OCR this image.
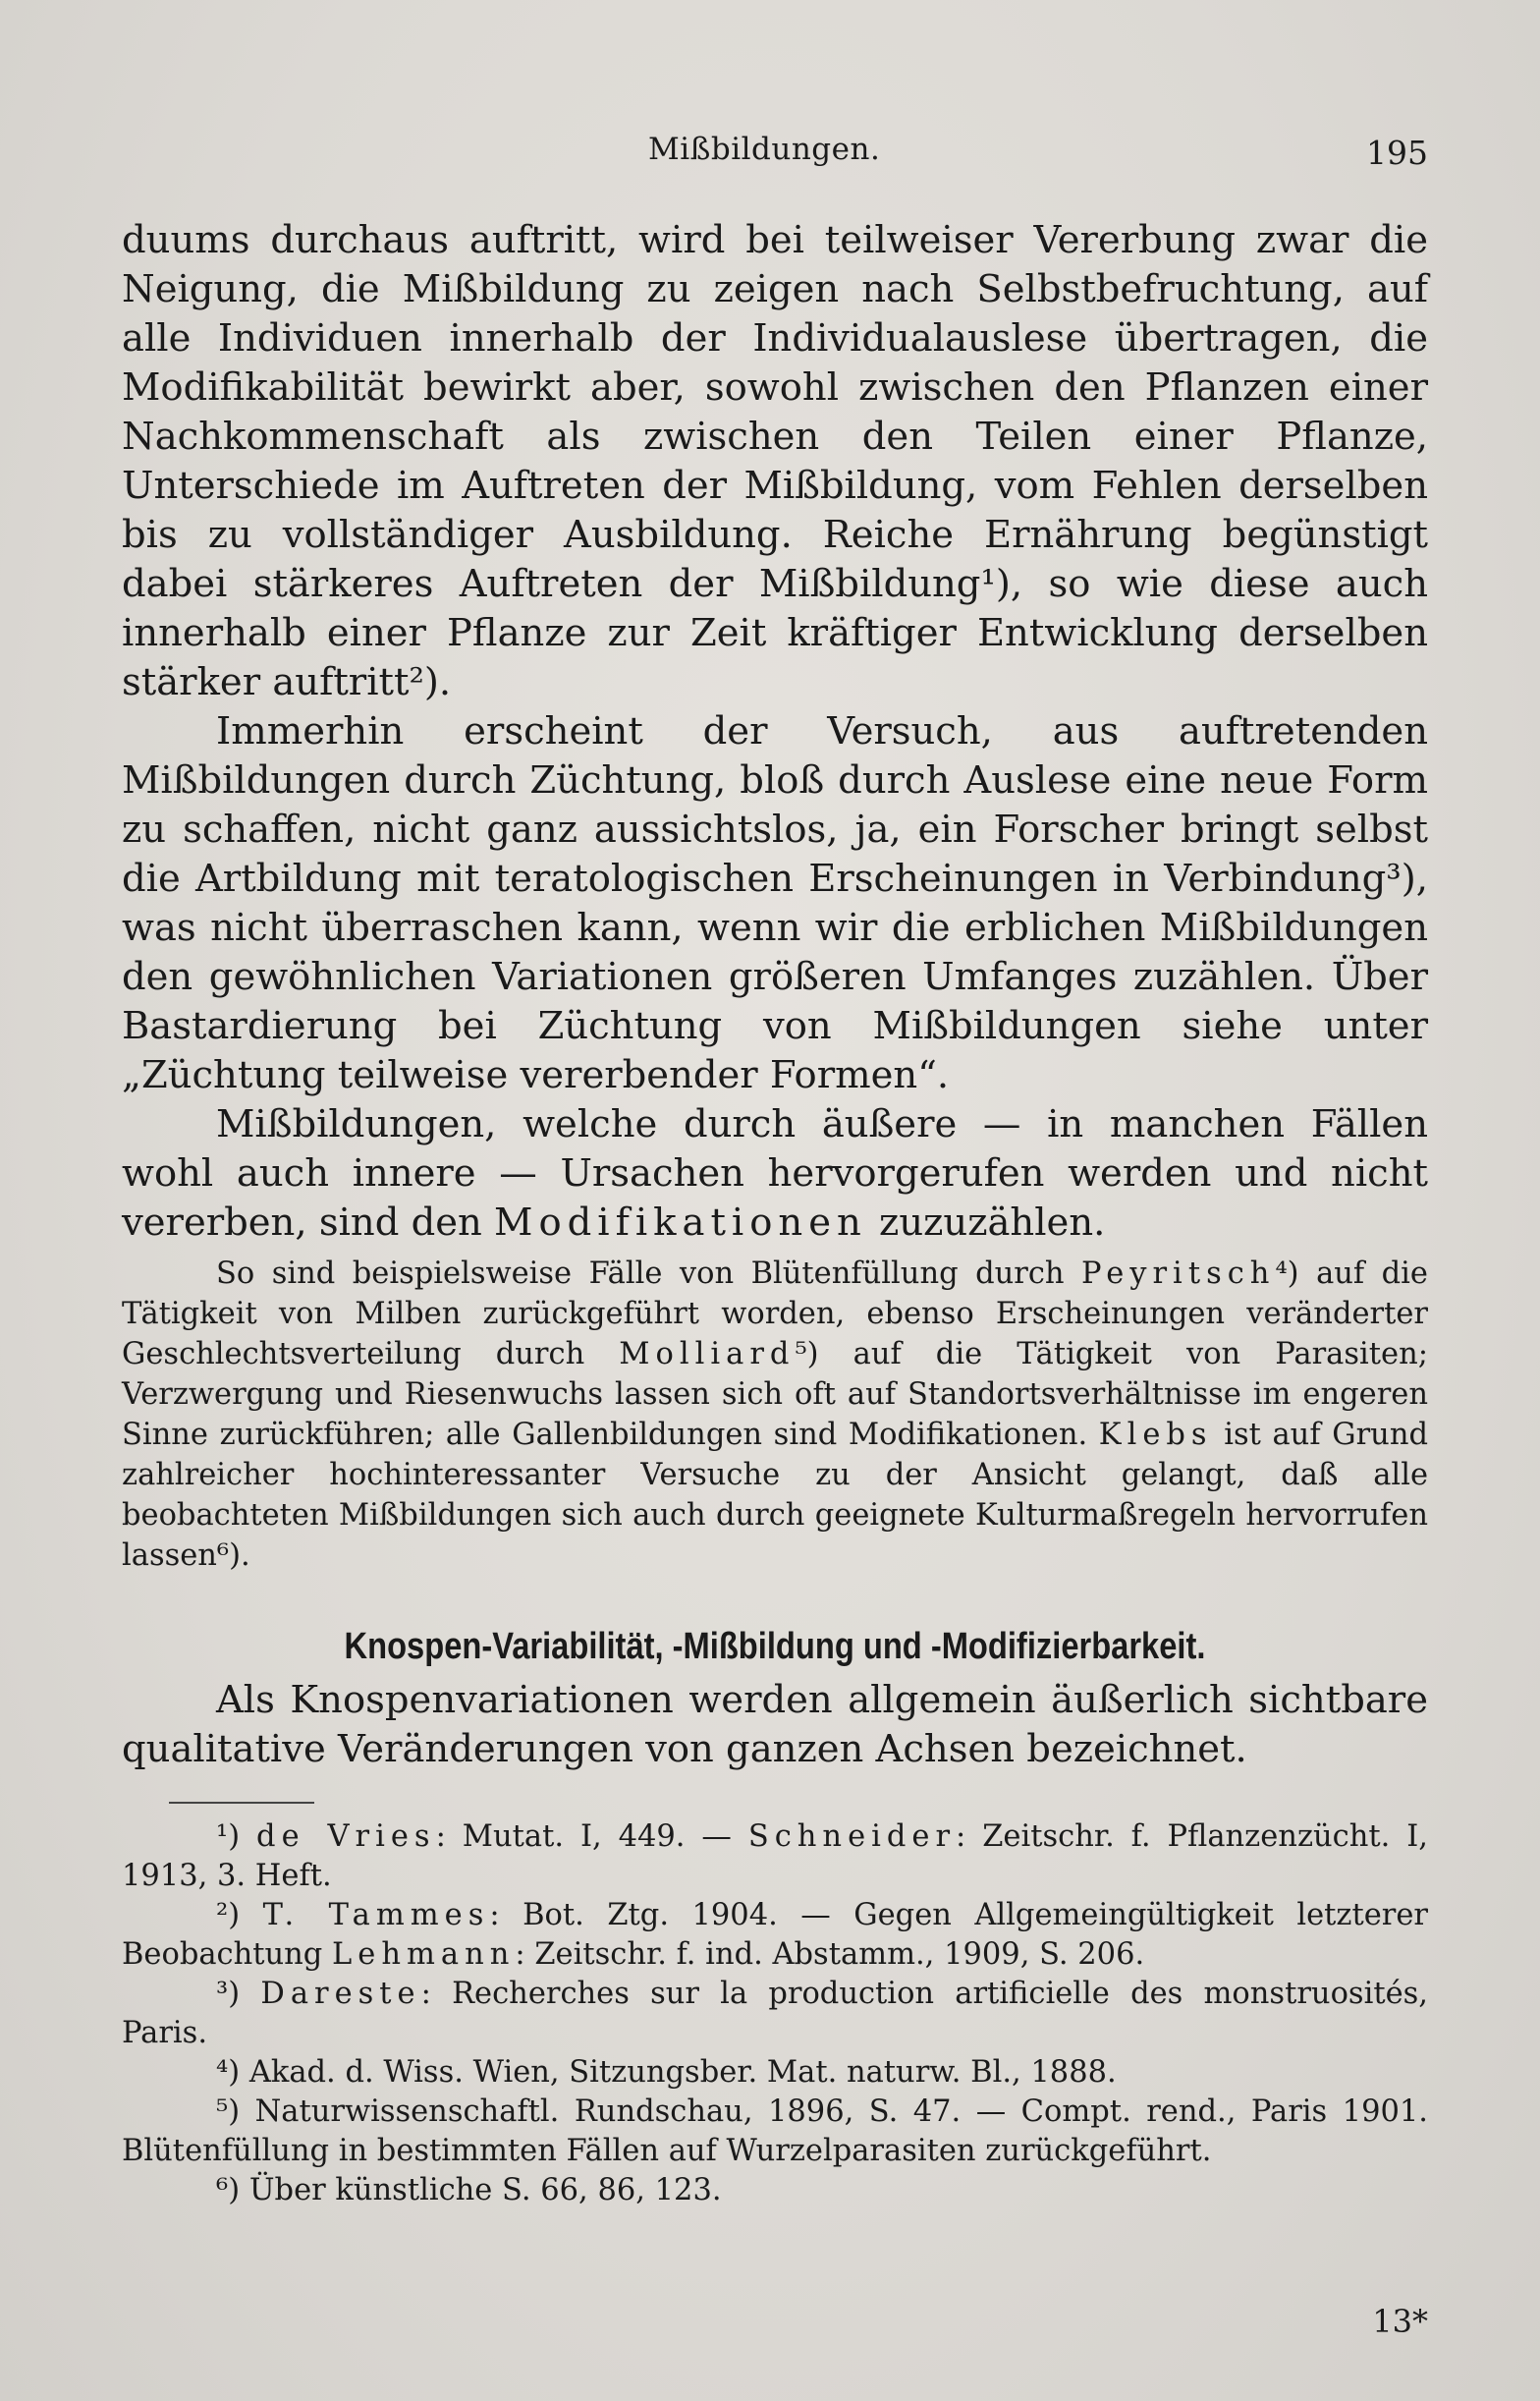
Mißbildungen.	195

duums durchaus auftritt, wird bei teilweiser Vererbung zwar die Neigung, die Mißbildung zu zeigen nach Selbstbefruchtung, auf alle Individuen innerhalb der Individualauslese übertragen, die Modifikabilität bewirkt aber, sowohl zwischen den Pflanzen einer Nachkommenschaft als zwischen den Teilen einer Pflanze, Unterschiede im Auftreten der Mißbildung, vom Fehlen derselben bis zu vollständiger Ausbildung. Reiche Ernährung begünstigt dabei stärkeres Auftreten der Mißbildung¹), so wie diese auch innerhalb einer Pflanze zur Zeit kräftiger Entwicklung derselben stärker auftritt²).

Immerhin erscheint der Versuch, aus auftretenden Mißbildungen durch Züchtung, bloß durch Auslese eine neue Form zu schaffen, nicht ganz aussichtslos, ja, ein Forscher bringt selbst die Artbildung mit teratologischen Erscheinungen in Verbindung³), was nicht überraschen kann, wenn wir die erblichen Mißbildungen den gewöhnlichen Variationen größeren Umfanges zuzählen. Über Bastardierung bei Züchtung von Mißbildungen siehe unter „Züchtung teilweise vererbender Formen“.

Mißbildungen, welche durch äußere — in manchen Fällen wohl auch innere — Ursachen hervorgerufen werden und nicht vererben, sind den Modifikationen zuzuzählen.

So sind beispielsweise Fälle von Blütenfüllung durch Peyritsch⁴) auf die Tätigkeit von Milben zurückgeführt worden, ebenso Erscheinungen veränderter Geschlechtsverteilung durch Molliard⁵) auf die Tätigkeit von Parasiten; Verzwergung und Riesenwuchs lassen sich oft auf Standortsverhältnisse im engeren Sinne zurückführen; alle Gallenbildungen sind Modifikationen. Klebs ist auf Grund zahlreicher hochinteressanter Versuche zu der Ansicht gelangt, daß alle beobachteten Mißbildungen sich auch durch geeignete Kulturmaßregeln hervorrufen lassen⁶).

Knospen-Variabilität, -Mißbildung und -Modifizierbarkeit.

Als Knospenvariationen werden allgemein äußerlich sichtbare qualitative Veränderungen von ganzen Achsen bezeichnet.

¹) de Vries: Mutat. I, 449. — Schneider: Zeitschr. f. Pflanzenzücht. I, 1913, 3. Heft.

²) T. Tammes: Bot. Ztg. 1904. — Gegen Allgemeingültigkeit letzterer Beobachtung Lehmann: Zeitschr. f. ind. Abstamm., 1909, S. 206.

³) Dareste: Recherches sur la production artificielle des monstruosités, Paris.

⁴) Akad. d. Wiss. Wien, Sitzungsber. Mat. naturw. Bl., 1888.

⁵) Naturwissenschaftl. Rundschau, 1896, S. 47. — Compt. rend., Paris 1901. Blütenfüllung in bestimmten Fällen auf Wurzelparasiten zurückgeführt.

⁶) Über künstliche S. 66, 86, 123.

13*
